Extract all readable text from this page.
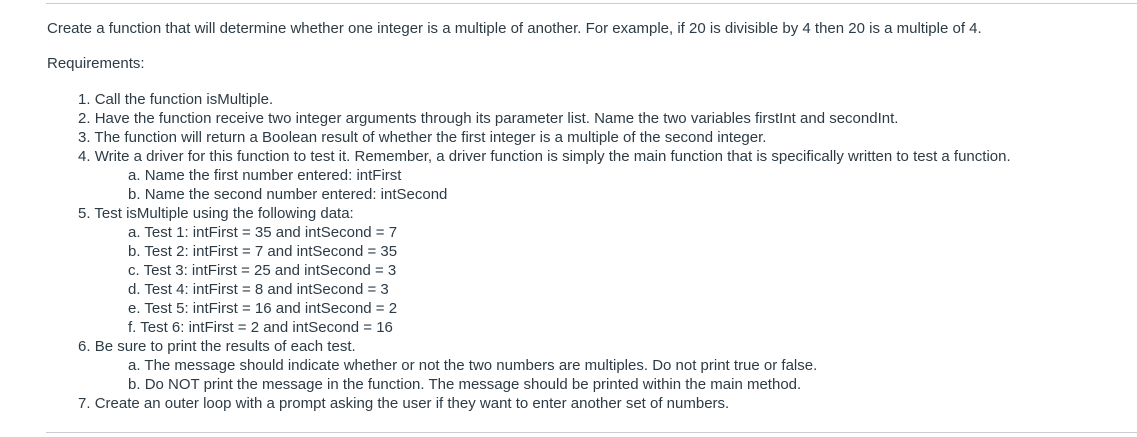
Create a function that will determine whether one integer is a multiple of another. For example, if 20 is divisible by 4 then 20 is a multiple of 4.

Requirements:

1. Call the function isMultiple.
2. Have the function receive two integer arguments through its parameter list. Name the two variables firstInt and secondInt.
3. The function will return a Boolean result of whether the first integer is a multiple of the second integer.
4. Write a driver for this function to test it. Remember, a driver function is simply the main function that is specifically written to test a function.
a. Name the first number entered: intFirst
b. Name the second number entered: intSecond
5. Test isMultiple using the following data:
a. Test 1: intFirst = 35 and intSecond = 7
b. Test 2: intFirst = 7 and intSecond = 35
c. Test 3: intFirst = 25 and intSecond = 3
d. Test 4: intFirst = 8 and intSecond = 3
e. Test 5: intFirst = 16 and intSecond = 2
f. Test 6: intFirst = 2 and intSecond = 16
6. Be sure to print the results of each test.
a. The message should indicate whether or not the two numbers are multiples. Do not print true or false.
b. Do NOT print the message in the function. The message should be printed within the main method.
7. Create an outer loop with a prompt asking the user if they want to enter another set of numbers.
